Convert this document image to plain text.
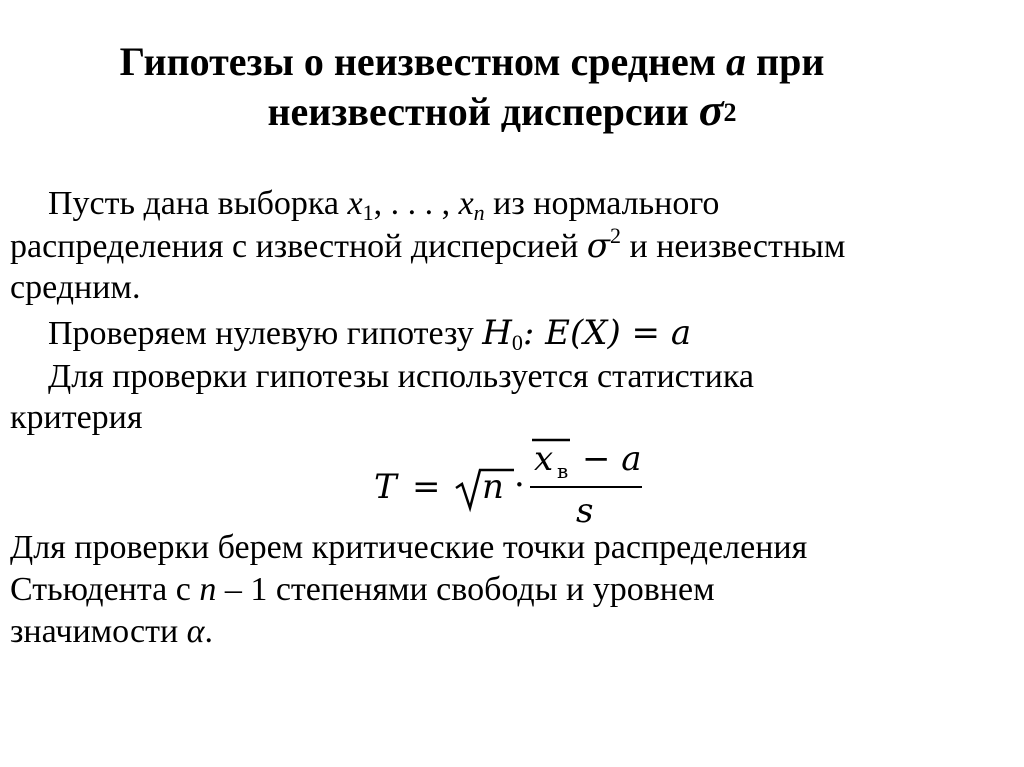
Гипотезы о неизвестном среднем a при
неизвестной дисперсии $\sigma^2$
Пусть дана выборка $x_1$, . . . , $x_n$ из нормального
распределения с известной дисперсией $\sigma^2$ и неизвестным
средним.
Проверяем нулевую гипотезу $H_0$: E(X) = a
Для проверки гипотезы используется статистика
критерия
T = n ·
x в − a
s
Для проверки берем критические точки распределения
Стьюдента с n – 1 степенями свободы и уровнем
значимости α.
